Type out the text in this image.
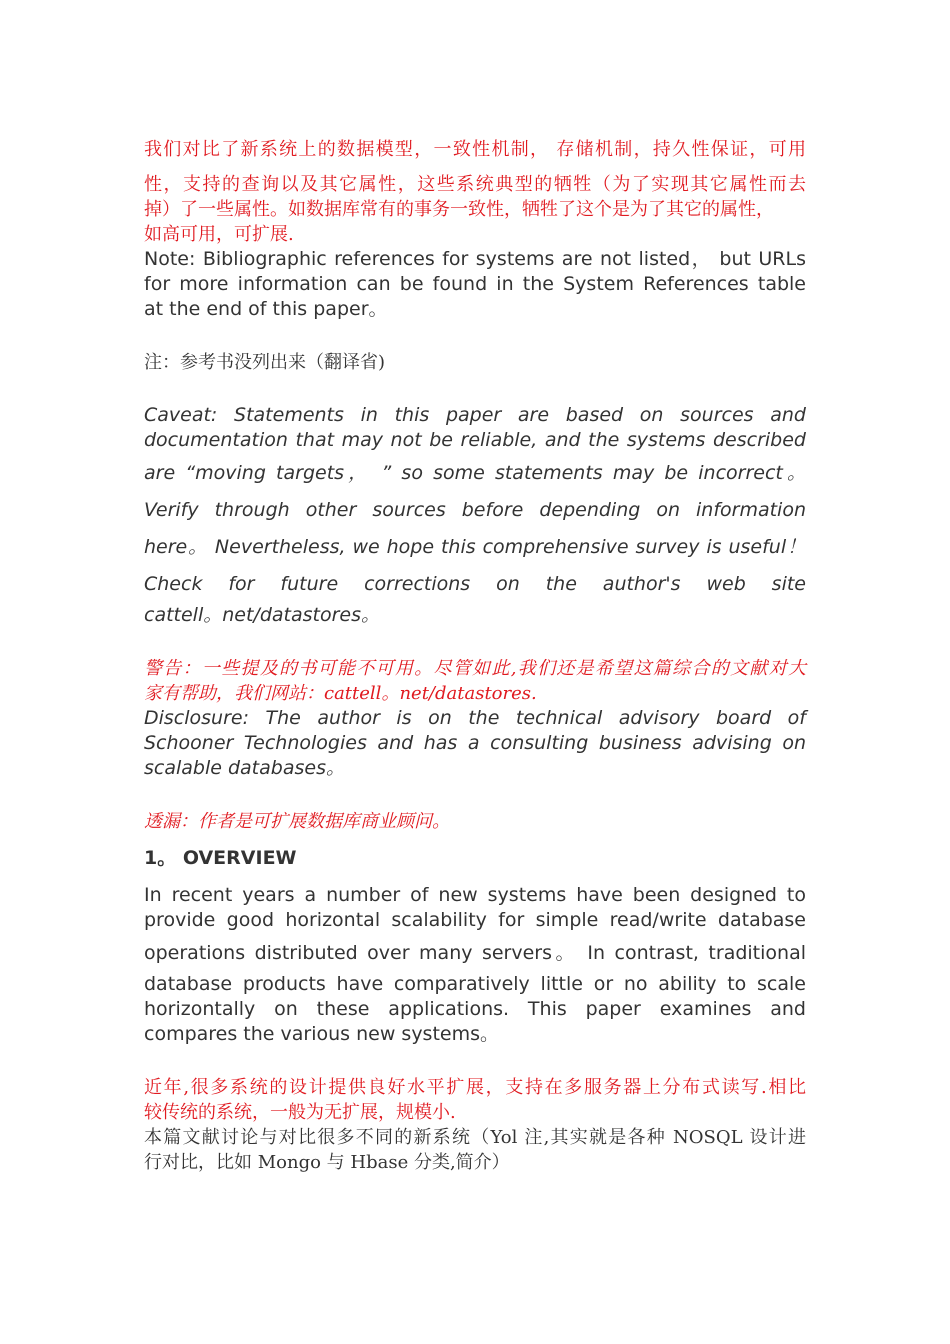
我们对比了新系统上的数据模型，一致性机制， 存储机制，持久性保证，可用
性，支持的查询以及其它属性，这些系统典型的牺牲（为了实现其它属性而去
掉）了一些属性。如数据库常有的事务一致性，牺牲了这个是为了其它的属性，
如高可用，可扩展.
Note: Bibliographic references for systems are not listed， but URLs
for more information can be found in the System References table
at the end of this paper。
注：参考书没列出来（翻译省)
Caveat: Statements in this paper are based on sources and
documentation that may not be reliable, and the systems described
are “moving targets， ” so some statements may be incorrect。
Verify through other sources before depending on information
here。 Nevertheless, we hope this comprehensive survey is useful！
Check for future corrections on the author's web site
cattell。net/datastores。
警告：一些提及的书可能不可用。尽管如此,我们还是希望这篇综合的文献对大
家有帮助，我们网站：cattell。net/datastores.
Disclosure: The author is on the technical advisory board of
Schooner Technologies and has a consulting business advising on
scalable databases。
透漏：作者是可扩展数据库商业顾问。
1。 OVERVIEW
In recent years a number of new systems have been designed to
provide good horizontal scalability for simple read/write database
operations distributed over many servers。 In contrast, traditional
database products have comparatively little or no ability to scale
horizontally on these applications. This paper examines and
compares the various new systems。
近年,很多系统的设计提供良好水平扩展，支持在多服务器上分布式读写.相比
较传统的系统，一般为无扩展，规模小.
本篇文献讨论与对比很多不同的新系统（Yol 注,其实就是各种 NOSQL 设计进
行对比，比如 Mongo 与 Hbase 分类,简介）
